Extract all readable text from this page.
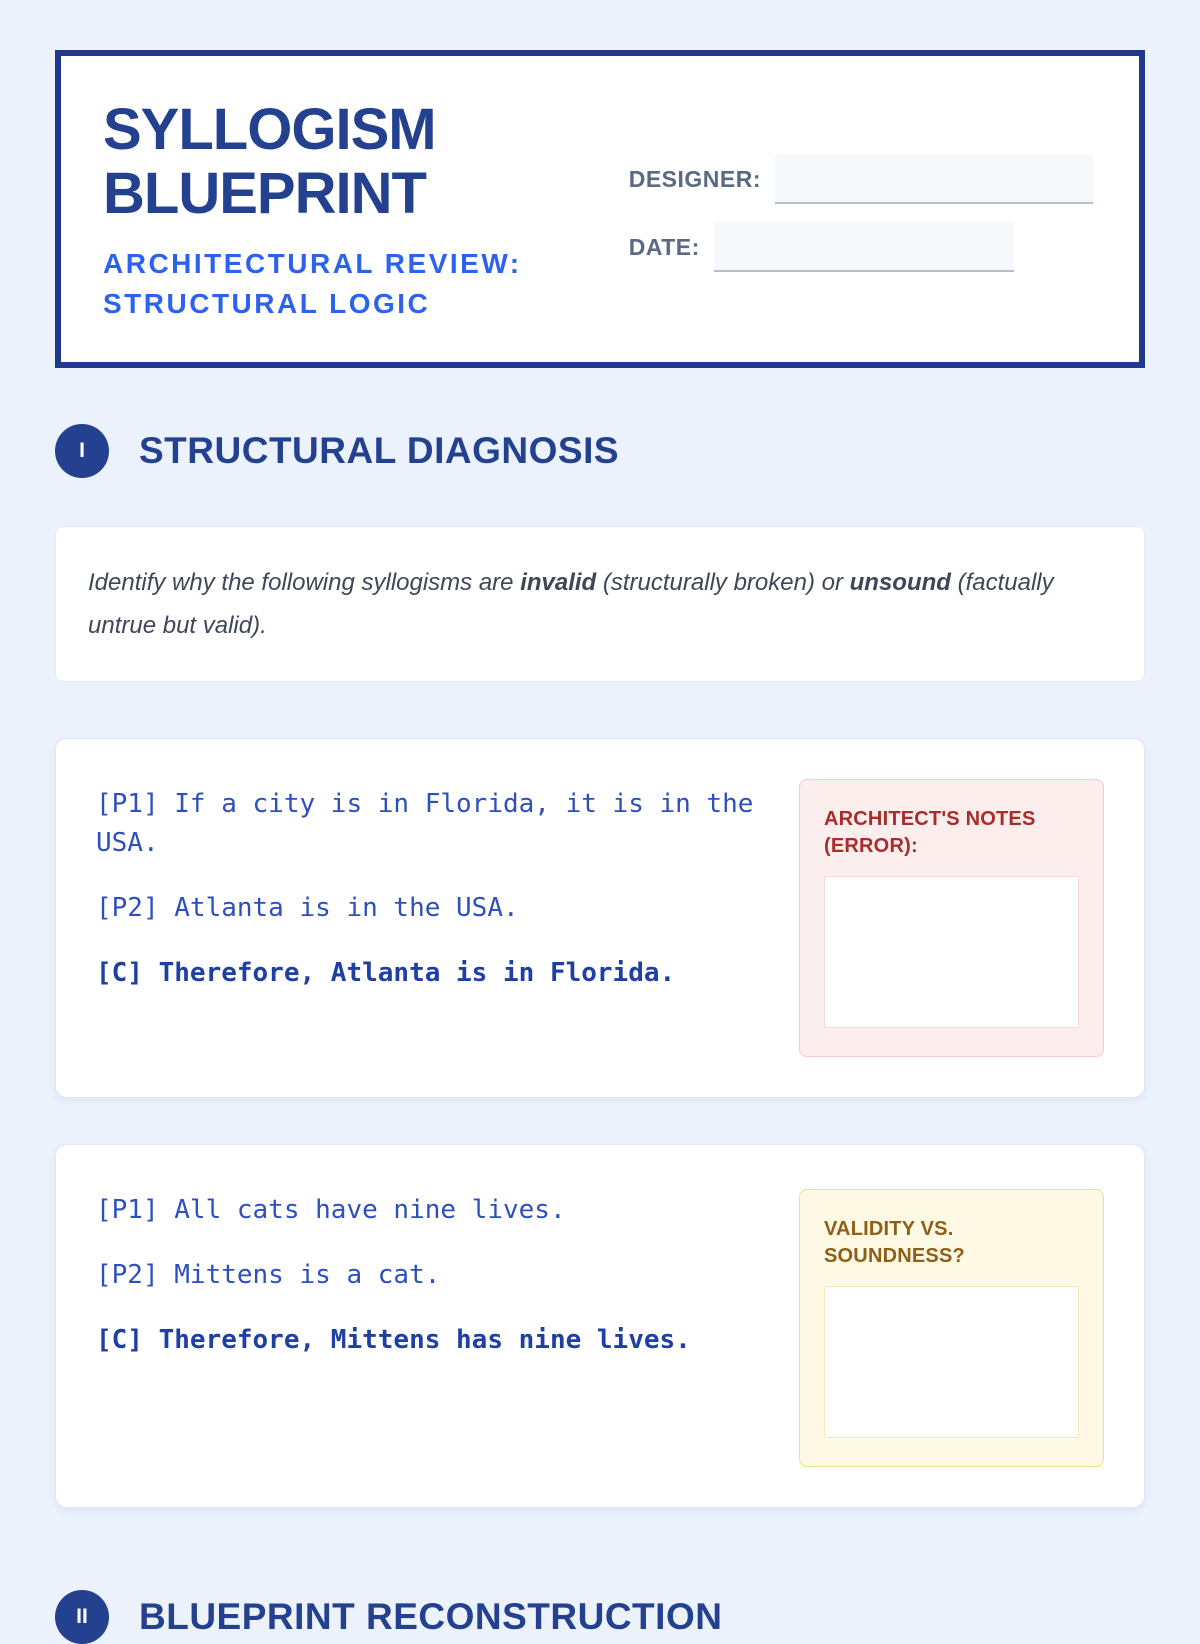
SYLLOGISM
BLUEPRINT
ARCHITECTURAL REVIEW:
STRUCTURAL LOGIC
DESIGNER:
DATE:
I	STRUCTURAL DIAGNOSIS
Identify why the following syllogisms are invalid (structurally broken) or unsound (factually untrue but valid).

[P1] If a city is in Florida, it is in the USA.

[P2] Atlanta is in the USA.

[C] Therefore, Atlanta is in Florida.

ARCHITECT'S NOTES (ERROR):

[P1] All cats have nine lives.

[P2] Mittens is a cat.

[C] Therefore, Mittens has nine lives.

VALIDITY VS. SOUNDNESS?
II	BLUEPRINT RECONSTRUCTION
